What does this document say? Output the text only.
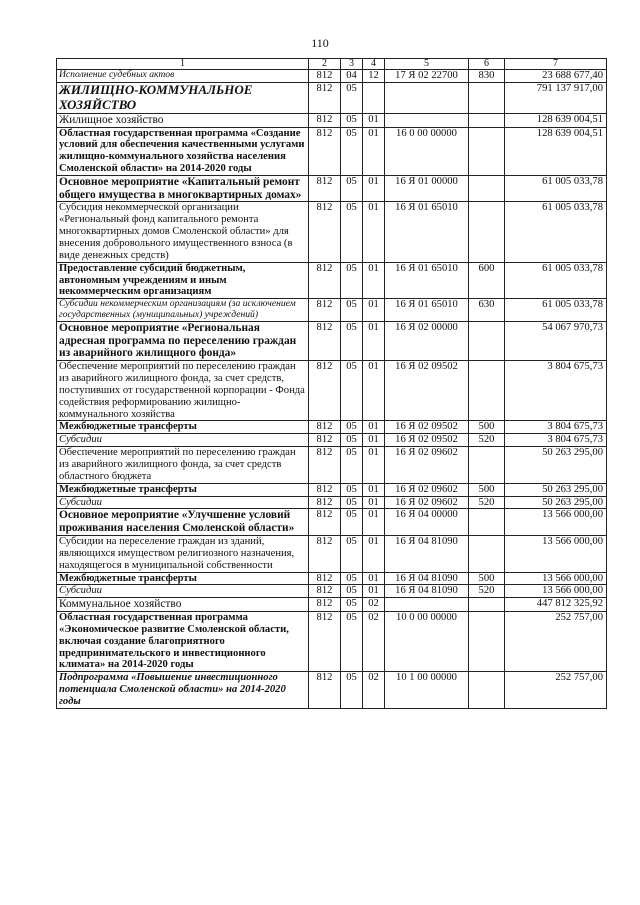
110
1	2	3	4	5	6	7
Исполнение судебных актов	812	04	12	17 Я 02 22700	830	23 688 677,40
ЖИЛИЩНО-КОММУНАЛЬНОЕ ХОЗЯЙСТВО	812	05				791 137 917,00
Жилищное хозяйство	812	05	01			128 639 004,51
Областная государственная программа «Создание условий для обеспечения качественными услугами жилищно-коммунального хозяйства населения Смоленской области» на 2014-2020 годы	812	05	01	16 0 00 00000		128 639 004,51
Основное мероприятие «Капитальный ремонт общего имущества в многоквартирных домах»	812	05	01	16 Я 01 00000		61 005 033,78
Субсидия некоммерческой организации «Региональный фонд капитального ремонта многоквартирных домов Смоленской области» для внесения добровольного имущественного взноса (в виде денежных средств)	812	05	01	16 Я 01 65010		61 005 033,78
Предоставление субсидий бюджетным, автономным учреждениям и иным некоммерческим организациям	812	05	01	16 Я 01 65010	600	61 005 033,78
Субсидии некоммерческим организациям (за исключением государственных (муниципальных) учреждений)	812	05	01	16 Я 01 65010	630	61 005 033,78
Основное мероприятие «Региональная адресная программа по переселению граждан из аварийного жилищного фонда»	812	05	01	16 Я 02 00000		54 067 970,73
Обеспечение мероприятий по переселению граждан из аварийного жилищного фонда, за счет средств, поступивших от государственной корпорации - Фонда содействия реформированию жилищно-коммунального хозяйства	812	05	01	16 Я 02 09502		3 804 675,73
Межбюджетные трансферты	812	05	01	16 Я 02 09502	500	3 804 675,73
Субсидии	812	05	01	16 Я 02 09502	520	3 804 675,73
Обеспечение мероприятий по переселению граждан из аварийного жилищного фонда, за счет средств областного бюджета	812	05	01	16 Я 02 09602		50 263 295,00
Межбюджетные трансферты	812	05	01	16 Я 02 09602	500	50 263 295,00
Субсидии	812	05	01	16 Я 02 09602	520	50 263 295,00
Основное мероприятие «Улучшение условий проживания населения Смоленской области»	812	05	01	16 Я 04 00000		13 566 000,00
Субсидии на переселение граждан из зданий, являющихся имуществом религиозного назначения, находящегося в муниципальной собственности	812	05	01	16 Я 04 81090		13 566 000,00
Межбюджетные трансферты	812	05	01	16 Я 04 81090	500	13 566 000,00
Субсидии	812	05	01	16 Я 04 81090	520	13 566 000,00
Коммунальное хозяйство	812	05	02			447 812 325,92
Областная государственная программа «Экономическое развитие Смоленской области, включая создание благоприятного предпринимательского и инвестиционного климата» на 2014-2020 годы	812	05	02	10 0 00 00000		252 757,00
Подпрограмма «Повышение инвестиционного потенциала Смоленской области» на 2014-2020 годы	812	05	02	10 1 00 00000		252 757,00
